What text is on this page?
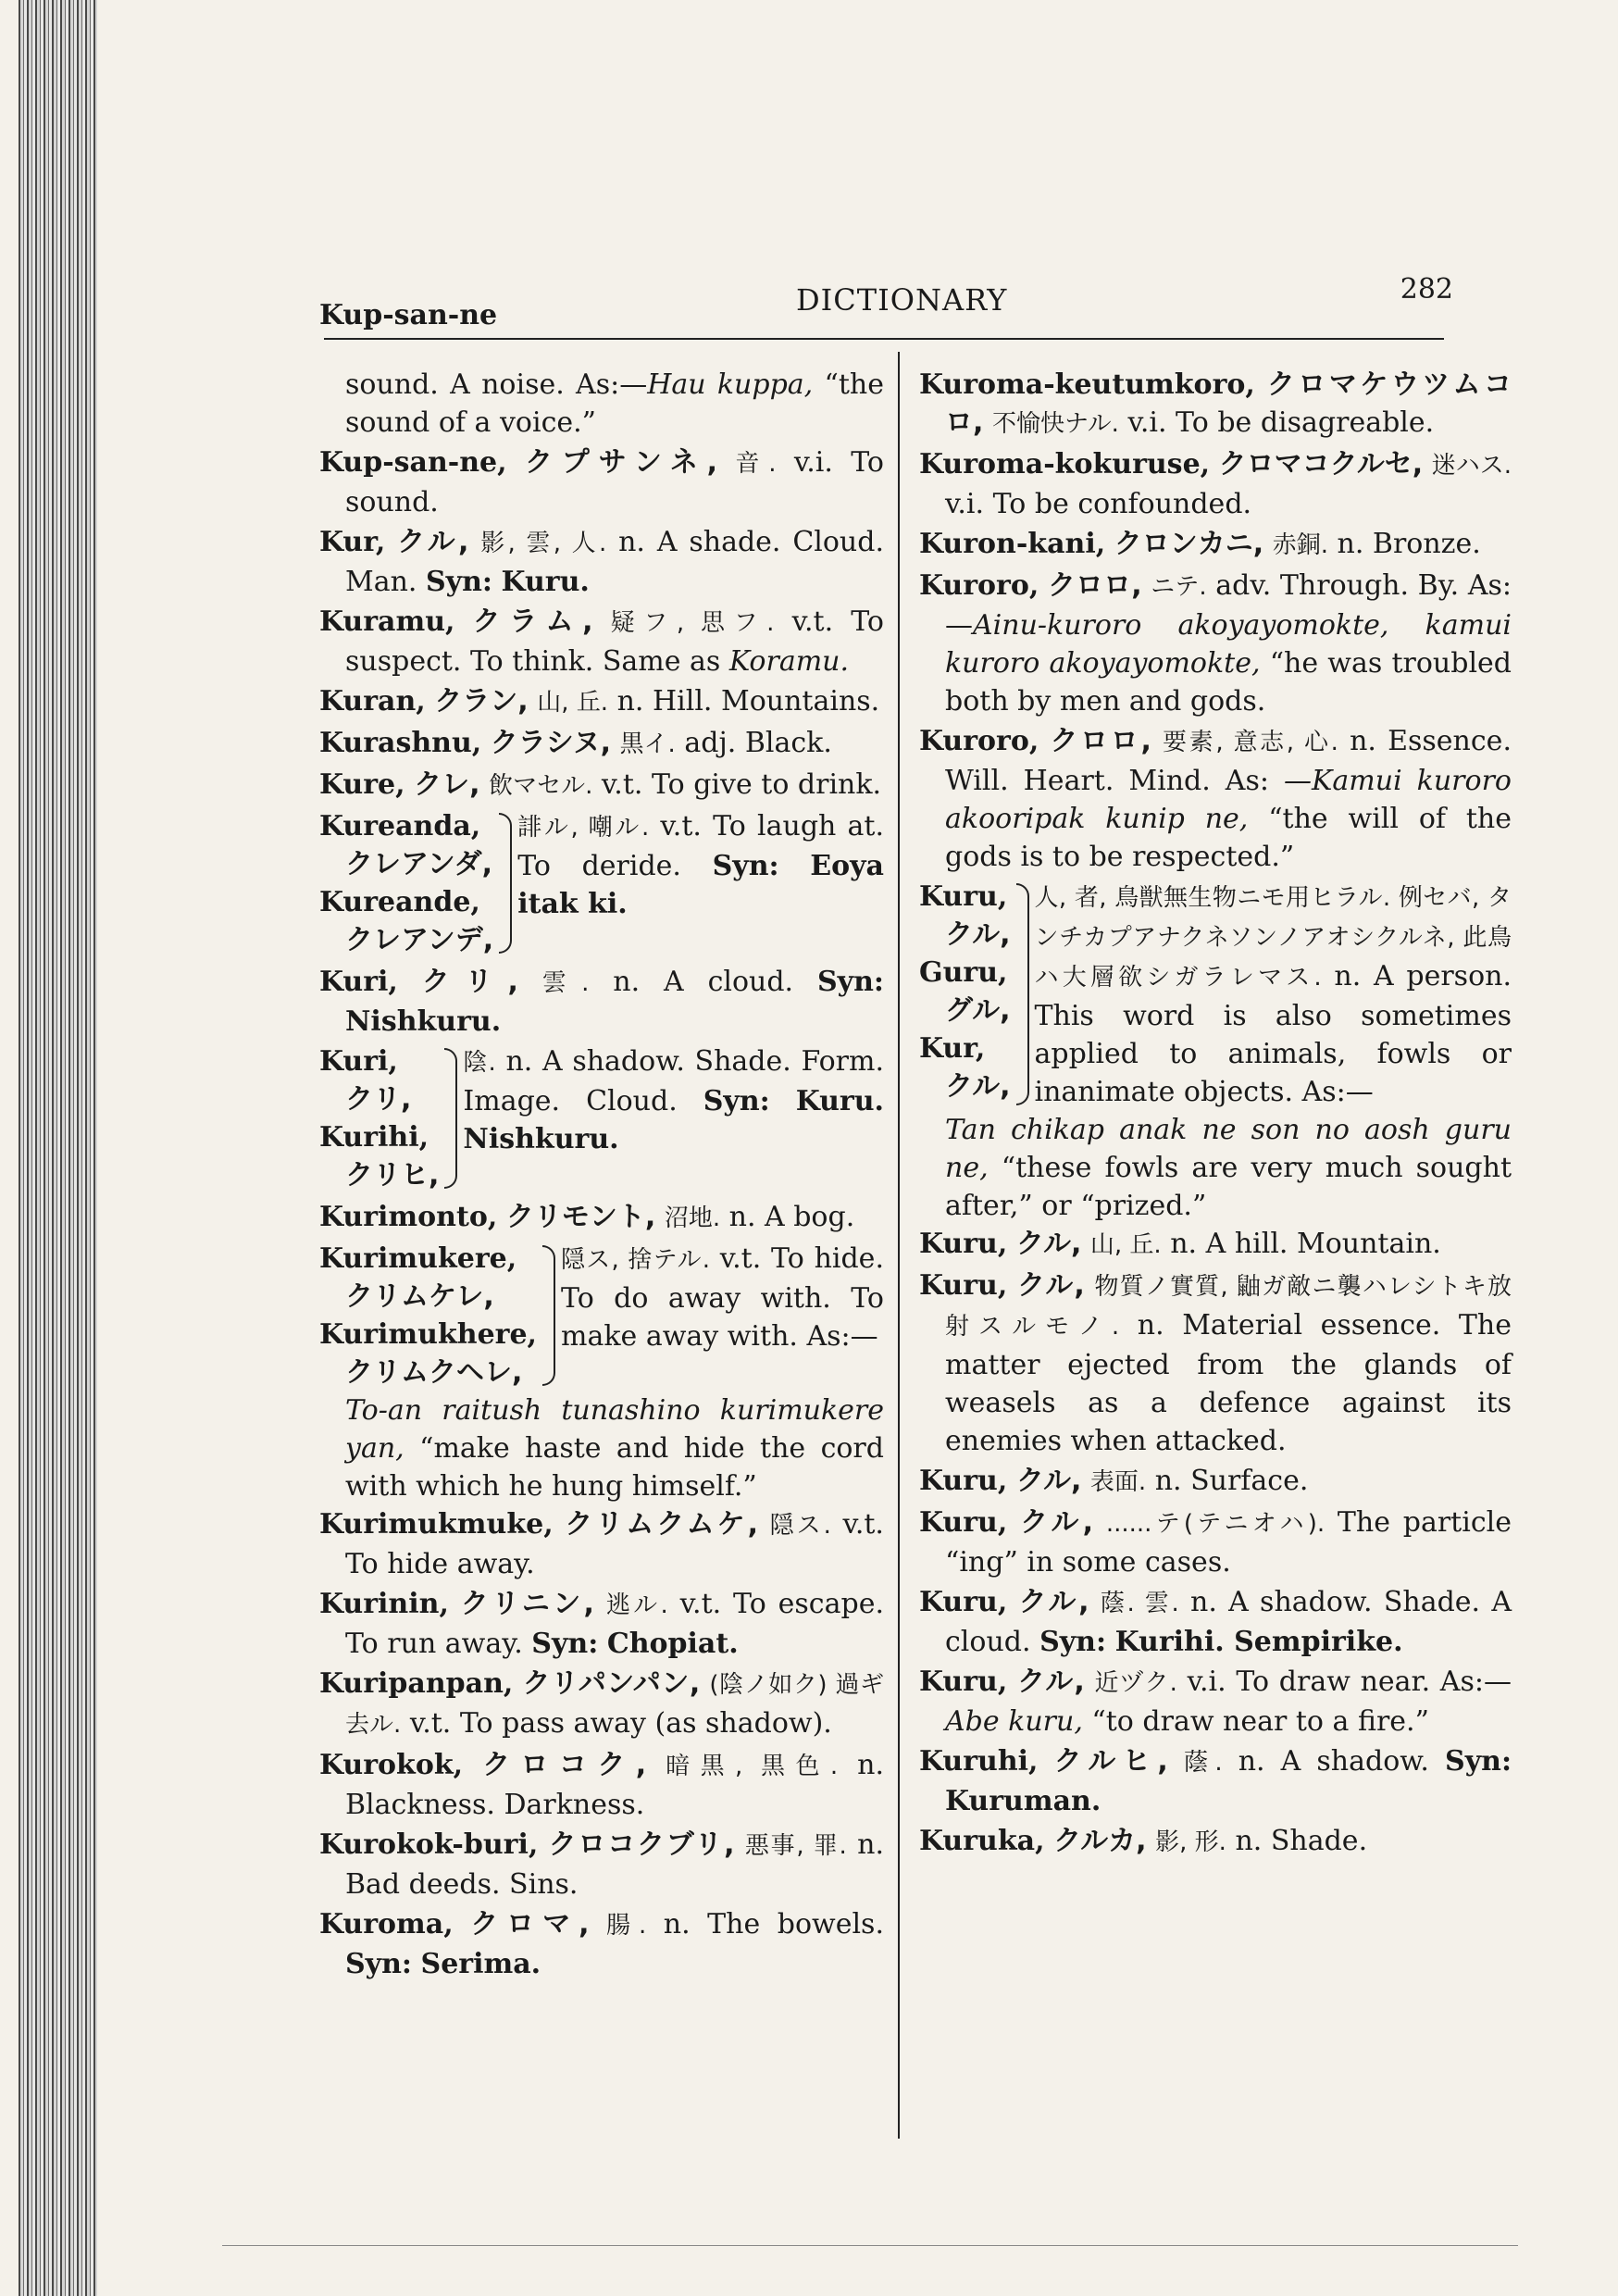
Kup-san-ne	DICTIONARY	282
sound. A noise. As:—Hau kuppa, “the sound of a voice.”
Kup-san-ne, クプサンネ, 音. v.i. To sound.
Kur, クル, 影, 雲, 人. n. A shade. Cloud. Man. Syn: Kuru.
Kuramu, クラム, 疑フ, 思フ. v.t. To suspect. To think. Same as Koramu.
Kuran, クラン, 山, 丘. n. Hill. Mountains.
Kurashnu, クラシヌ, 黒イ. adj. Black.
Kure, クレ, 飲マセル. v.t. To give to drink.
Kureanda,
クレアンダ,
Kureande,
クレアンデ,
誹ル, 嘲ル. v.t. To laugh at. To deride. Syn: Eoya itak ki.
Kuri, クリ, 雲. n. A cloud. Syn: Nishkuru.
Kuri,
クリ,
Kurihi,
クリヒ,
陰. n. A shadow. Shade. Form. Image. Cloud. Syn: Kuru. Nishkuru.
Kurimonto, クリモント, 沼地. n. A bog.
Kurimukere,
クリムケレ,
Kurimukhere,
クリムクヘレ,
隠ス, 捨テル. v.t. To hide. To do away with. To make away with. As:—
To-an raitush tunashino kurimukere yan, “make haste and hide the cord with which he hung himself.”
Kurimukmuke, クリムクムケ, 隠ス. v.t. To hide away.
Kurinin, クリニン, 逃ル. v.t. To escape. To run away. Syn: Chopiat.
Kuripanpan, クリパンパン, (陰ノ如ク) 過ギ去ル. v.t. To pass away (as shadow).
Kurokok, クロコク, 暗黒, 黒色. n. Blackness. Darkness.
Kurokok-buri, クロコクブリ, 悪事, 罪. n. Bad deeds. Sins.
Kuroma, クロマ, 腸. n. The bowels. Syn: Serima.
Kuroma-keutumkoro, クロマケウツムコロ, 不愉快ナル. v.i. To be disagreable.
Kuroma-kokuruse, クロマコクルセ, 迷ハス. v.i. To be confounded.
Kuron-kani, クロンカニ, 赤銅. n. Bronze.
Kuroro, クロロ, ニテ. adv. Through. By. As:—Ainu-kuroro akoyayomokte, kamui kuroro akoyayomokte, “he was troubled both by men and gods.
Kuroro, クロロ, 要素, 意志, 心. n. Essence. Will. Heart. Mind. As: —Kamui kuroro akooripak kunip ne, “the will of the gods is to be respected.”
Kuru,
クル,
Guru,
グル,
Kur,
クル,
人, 者, 鳥獣無生物ニモ用ヒラル. 例セバ, タンチカプアナクネソンノアオシクルネ, 此鳥ハ大層欲シガラレマス. n. A person. This word is also sometimes applied to animals, fowls or inanimate objects. As:—
Tan chikap anak ne son no aosh guru ne, “these fowls are very much sought after,” or “prized.”
Kuru, クル, 山, 丘. n. A hill. Mountain.
Kuru, クル, 物質ノ實質, 鼬ガ敵ニ襲ハレシトキ放射スルモノ. n. Material essence. The matter ejected from the glands of weasels as a defence against its enemies when attacked.
Kuru, クル, 表面. n. Surface.
Kuru, クル, ......テ(テニオハ). The particle “ing” in some cases.
Kuru, クル, 蔭. 雲. n. A shadow. Shade. A cloud. Syn: Kurihi. Sempirike.
Kuru, クル, 近ヅク. v.i. To draw near. As:—Abe kuru, “to draw near to a fire.”
Kuruhi, クルヒ, 蔭. n. A shadow. Syn: Kuruman.
Kuruka, クルカ, 影, 形. n. Shade.
